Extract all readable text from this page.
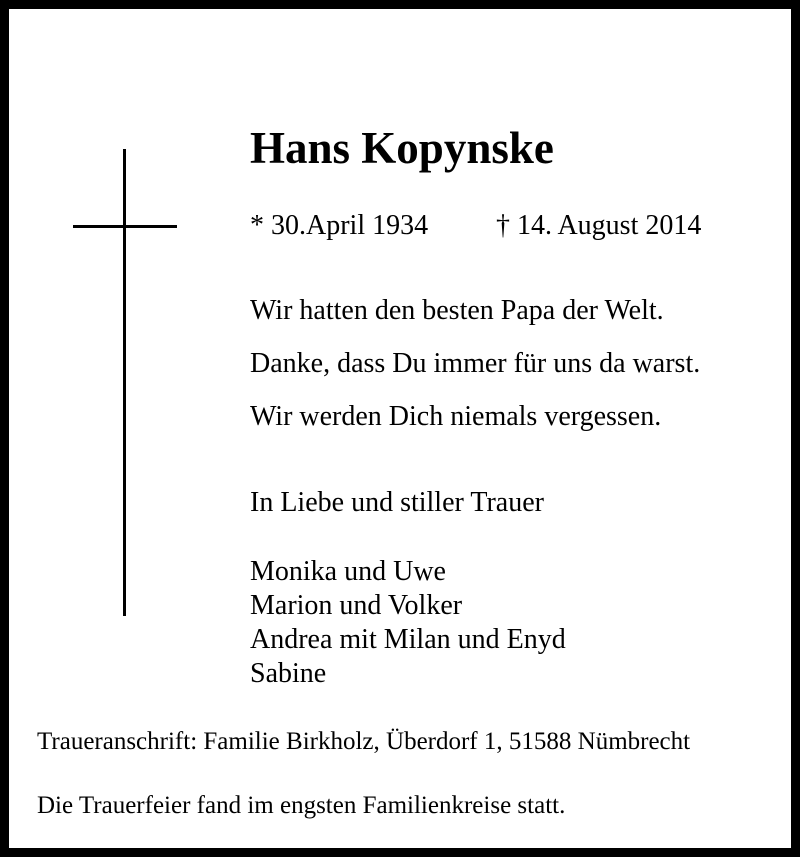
Hans Kopynske
* 30.April 1934 † 14. August 2014
Wir hatten den besten Papa der Welt.
Danke, dass Du immer für uns da warst.
Wir werden Dich niemals vergessen.
In Liebe und stiller Trauer
Monika und Uwe
Marion und Volker
Andrea mit Milan und Enyd
Sabine
Traueranschrift: Familie Birkholz, Überdorf 1, 51588 Nümbrecht
Die Trauerfeier fand im engsten Familienkreise statt.
